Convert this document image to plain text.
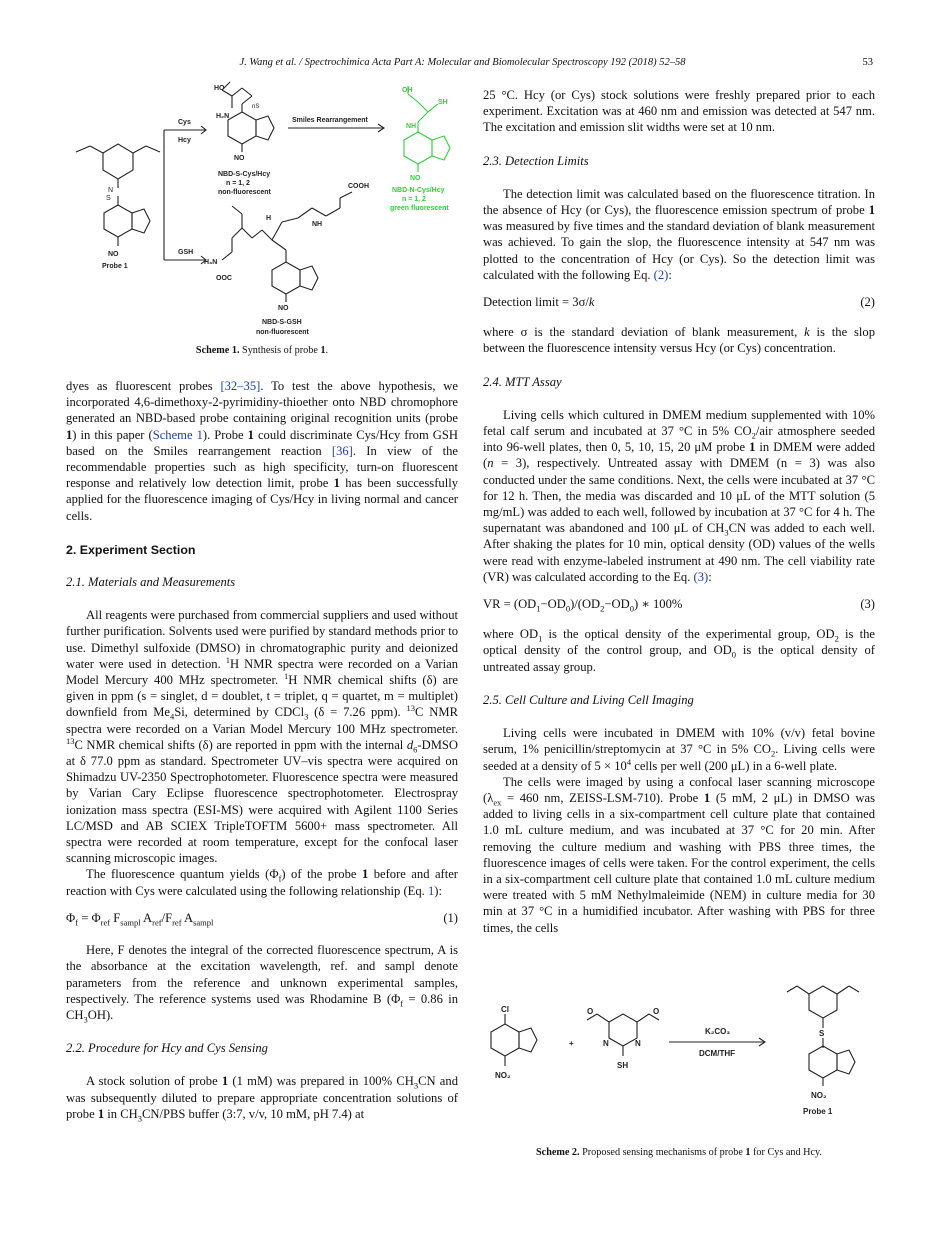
J. Wang et al. / Spectrochimica Acta Part A: Molecular and Biomolecular Spectroscopy 192 (2018) 52–58	53
S
N
NO
Probe 1
Cys
Hcy
GSH
Smiles Rearrangement
HO
H₂N
nS
NO
NBD-S-Cys/Hcy
n = 1, 2
non-fluorescent
COOH
H
NH
H₃N
OOC
NO
NBD-S-GSH
non-fluorescent
OH
SH
NH
NO
NBD-N-Cys/Hcy
n = 1, 2
green fluorescent
Scheme 1. Synthesis of probe 1.

dyes as fluorescent probes [32–35]. To test the above hypothesis, we incorporated 4,6-dimethoxy-2-pyrimidiny-thioether onto NBD chromophore generated an NBD-based probe containing original recognition units (probe 1) in this paper (Scheme 1). Probe 1 could discriminate Cys/Hcy from GSH based on the Smiles rearrangement reaction [36]. In view of the recommendable properties such as high specificity, turn-on fluorescent response and relatively low detection limit, probe 1 has been successfully applied for the fluorescence imaging of Cys/Hcy in living normal and cancer cells.

2. Experiment Section
2.1. Materials and Measurements

All reagents were purchased from commercial suppliers and used without further purification. Solvents used were purified by standard methods prior to use. Dimethyl sulfoxide (DMSO) in chromatographic purity and deionized water were used in detection. $^1$H NMR spectra were recorded on a Varian Model Mercury 400 MHz spectrometer. $^1$H NMR chemical shifts (δ) are given in ppm (s = singlet, d = doublet, t = triplet, q = quartet, m = multiplet) downfield from $Me_4Si$, determined by CDCl$_3$ (δ = 7.26 ppm). $^{13}$C NMR spectra were recorded on a Varian Model Mercury 100 MHz spectrometer. $^{13}$C NMR chemical shifts (δ) are reported in ppm with the internal $d_6$-DMSO at δ 77.0 ppm as standard. Spectrometer UV–vis spectra were acquired on Shimadzu UV-2350 Spectrophotometer. Fluorescence spectra were measured by Varian Cary Eclipse fluorescence spectrophotometer. Electrospray ionization mass spectra (ESI-MS) were acquired with Agilent 1100 Series LC/MSD and AB SCIEX TripleTOFTM 5600+ mass spectrometer. All spectra were recorded at room temperature, except for the confocal laser scanning microscopic images.

The fluorescence quantum yields $(\Phi_f)$ of the probe 1 before and after reaction with Cys were calculated using the following relationship (Eq. 1):

$\Phi_f = \Phi_{ref}$ $F_{sampl}$ $A_{ref}/F_{ref}$ $A_{sampl}$	(1)

Here, F denotes the integral of the corrected fluorescence spectrum, A is the absorbance at the excitation wavelength, ref. and sampl denote parameters from the reference and unknown experimental samples, respectively. The reference systems used was Rhodamine B ($\Phi_f = 0.86$ in $CH_3OH$).

2.2. Procedure for Hcy and Cys Sensing

A stock solution of probe 1 (1 mM) was prepared in 100% $CH_3CN$ and was subsequently diluted to prepare appropriate concentration solutions of probe 1 in $CH_3CN$/PBS buffer (3:7, v/v, 10 mM, pH 7.4) at

25 °C. Hcy (or Cys) stock solutions were freshly prepared prior to each experiment. Excitation was at 460 nm and emission was detected at 547 nm. The excitation and emission slit widths were set at 10 nm.

2.3. Detection Limits

The detection limit was calculated based on the fluorescence titration. In the absence of Hcy (or Cys), the fluorescence emission spectrum of probe 1 was measured by five times and the standard deviation of blank measurement was achieved. To gain the slop, the fluorescence intensity at 547 nm was plotted to the concentration of Hcy (or Cys). So the detection limit was calculated with the following Eq. (2):

Detection limit = 3σ/k	(2)

where σ is the standard deviation of blank measurement, k is the slop between the fluorescence intensity versus Hcy (or Cys) concentration.

2.4. MTT Assay

Living cells which cultured in DMEM medium supplemented with 10% fetal calf serum and incubated at 37 °C in 5% $CO_2$/air atmosphere seeded into 96-well plates, then 0, 5, 10, 15, 20 μM probe 1 in DMEM were added (n = 3), respectively. Untreated assay with DMEM (n = 3) was also conducted under the same conditions. Next, the cells were incubated at 37 °C for 12 h. Then, the media was discarded and 10 μL of the MTT solution (5 mg/mL) was added to each well, followed by incubation at 37 °C for 4 h. The supernatant was abandoned and 100 μL of $CH_3CN$ was added to each well. After shaking the plates for 10 min, optical density (OD) values of the wells were read with enzyme-labeled instrument at 490 nm. The cell viability rate (VR) was calculated according to the Eq. (3):

VR = $(OD_1-OD_0)/(OD_2-OD_0)$ ∗ 100%	(3)

where $OD_1$ is the optical density of the experimental group, $OD_2$ is the optical density of the control group, and $OD_0$ is the optical density of untreated assay group.

2.5. Cell Culture and Living Cell Imaging

Living cells were incubated in DMEM with 10% (v/v) fetal bovine serum, 1% penicillin/streptomycin at 37 °C in 5% $CO_2$. Living cells were seeded at a density of $5 \times 10^4$ cells per well (200 μL) in a 6-well plate.

The cells were imaged by using a confocal laser scanning microscope ($\lambda_{ex} = 460$ nm, ZEISS-LSM-710). Probe 1 (5 mM, 2 μL) in DMSO was added to living cells in a six-compartment cell culture plate that contained 1.0 mL culture medium, and was incubated at 37 °C for 20 min. After removing the culture medium and washing with PBS three times, the fluorescence images of cells were taken. For the control experiment, the cells in a six-compartment cell culture plate that contained 1.0 mL culture medium were treated with 5 mM Nethylmaleimide (NEM) in culture media for 30 min at 37 °C in a humidified incubator. After washing with PBS for three times, the cells

Cl
NO₂
+
SH
N	N
O	O
K₂CO₃
DCM/THF
S
NO₂
Probe 1
Scheme 2. Proposed sensing mechanisms of probe 1 for Cys and Hcy.
